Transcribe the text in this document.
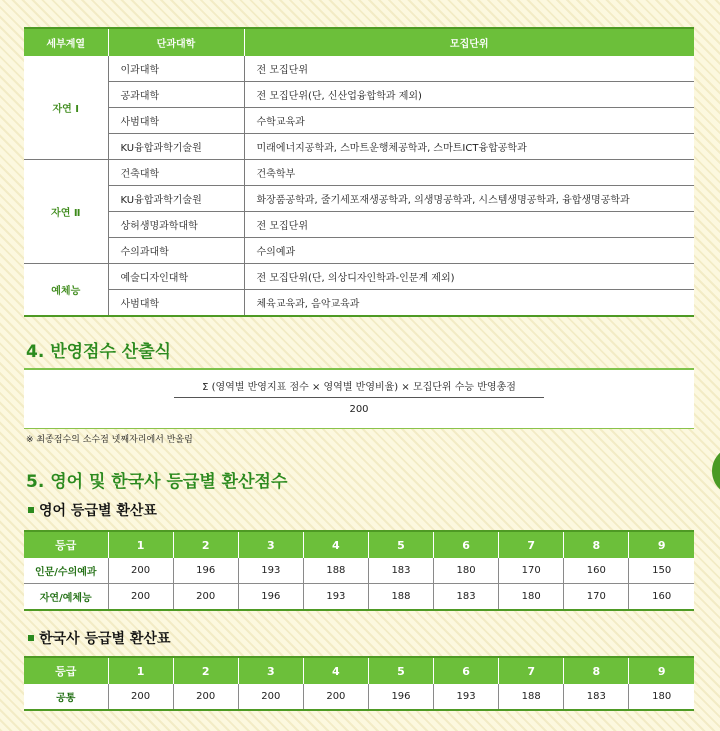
세부계열	단과대학	모집단위
자연 Ⅰ	이과대학	전 모집단위
	공과대학	전 모집단위(단, 신산업융합학과 제외)
	사범대학	수학교육과
	KU융합과학기술원	미래에너지공학과, 스마트운행체공학과, 스마트ICT융합공학과
자연 Ⅱ	건축대학	건축학부
	KU융합과학기술원	화장품공학과, 줄기세포재생공학과, 의생명공학과, 시스템생명공학과, 융합생명공학과
	상허생명과학대학	전 모집단위
	수의과대학	수의예과
예체능	예술디자인대학	전 모집단위(단, 의상디자인학과-인문계 제외)
	사범대학	체육교육과, 음악교육과
4. 반영점수 산출식
Σ (영역별 반영지표 점수 × 영역별 반영비율) × 모집단위 수능 반영총점
200

※ 최종점수의 소수점 넷째자리에서 반올림

5. 영어 및 한국사 등급별 환산점수
영어 등급별 환산표
등급	1	2	3	4	5	6	7	8	9
인문/수의예과	200	196	193	188	183	180	170	160	150
자연/예체능	200	200	196	193	188	183	180	170	160
한국사 등급별 환산표
등급	1	2	3	4	5	6	7	8	9
공통	200	200	200	200	196	193	188	183	180
